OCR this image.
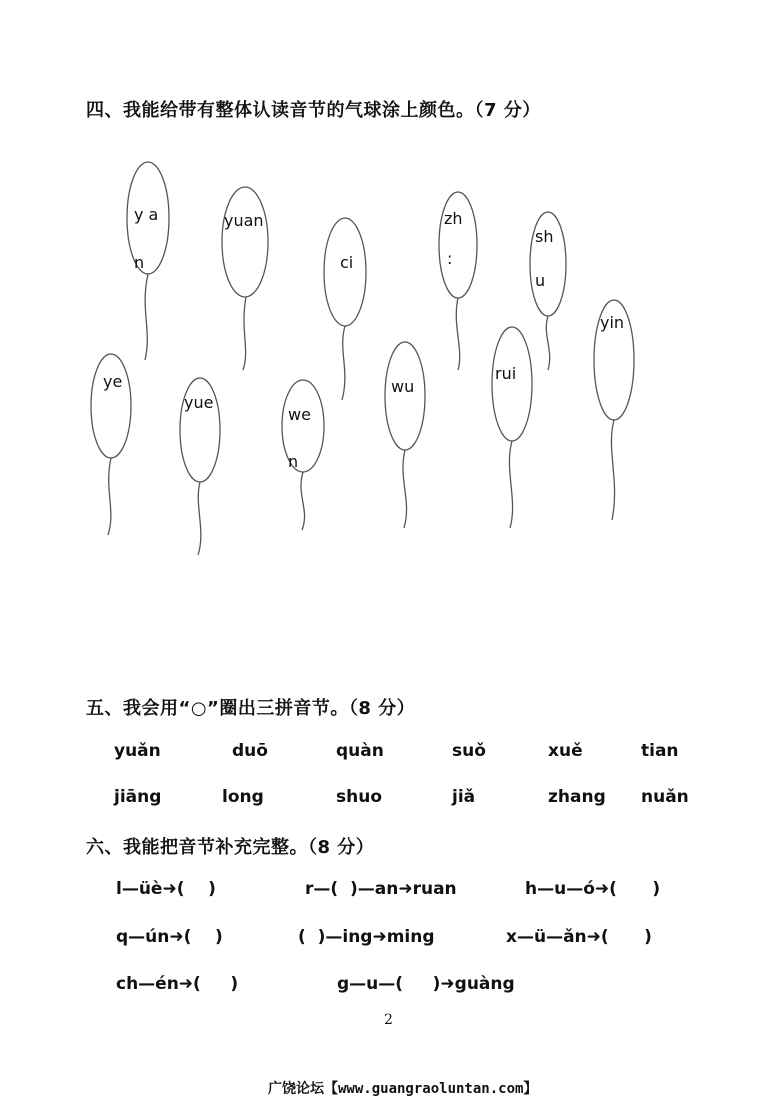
四、我能给带有整体认读音节的气球涂上颜色。（7 分）
y a
n
yuan
ci
zh
:
sh
u
yin
ye
yue
we
n
wu
rui
五、我会用“○”圈出三拼音节。（8 分）
yuǎn	duō	quàn	suǒ	xuě	tian
jiāng	long	shuo	jiǎ	zhang nuǎn
六、我能把音节补充完整。（8 分）
l—üè➜(    )	r—(  )—an➜ruan	h—u—ó➜(      )
q—ún➜(    )	(  )—ing➜ming	x—ü—ǎn➜(      )
ch—én➜(     )	g—u—(     )➜guàng
2
广饶论坛【www.guangraoluntan.com】
